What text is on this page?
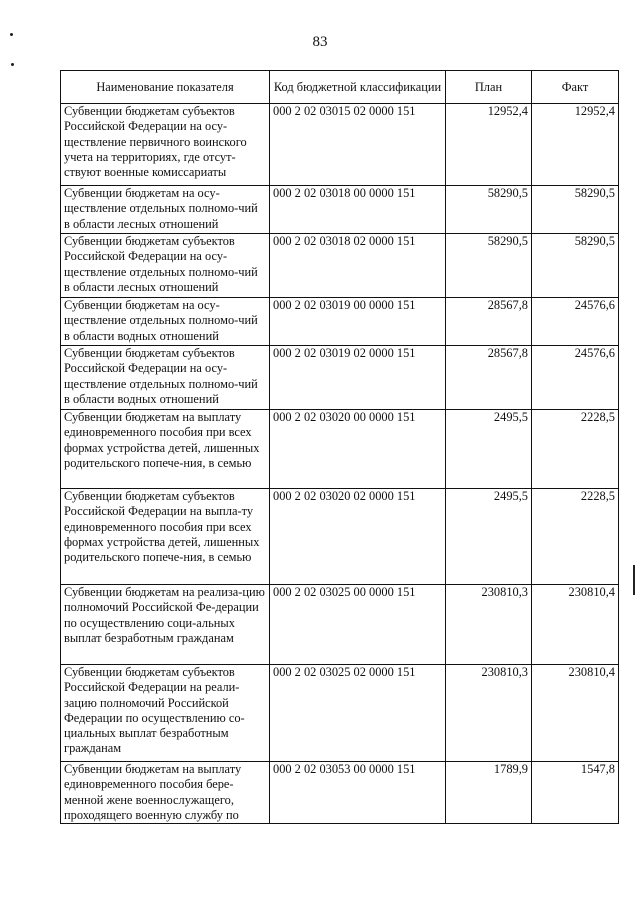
83
Наименование показателя	Код бюджетной классификации	План	Факт
Субвенции бюджетам субъектов Российской Федерации на осу-ществление первичного воинского учета на территориях, где отсут-ствуют военные комиссариаты	000 2 02 03015 02 0000 151	12952,4	12952,4
Субвенции бюджетам на осу-ществление отдельных полномо-чий в области лесных отношений	000 2 02 03018 00 0000 151	58290,5	58290,5
Субвенции бюджетам субъектов Российской Федерации на осу-ществление отдельных полномо-чий в области лесных отношений	000 2 02 03018 02 0000 151	58290,5	58290,5
Субвенции бюджетам на осу-ществление отдельных полномо-чий в области водных отношений	000 2 02 03019 00 0000 151	28567,8	24576,6
Субвенции бюджетам субъектов Российской Федерации на осу-ществление отдельных полномо-чий в области водных отношений	000 2 02 03019 02 0000 151	28567,8	24576,6
Субвенции бюджетам на выплату единовременного пособия при всех формах устройства детей, лишенных родительского попече-ния, в семью	000 2 02 03020 00 0000 151	2495,5	2228,5
Субвенции бюджетам субъектов Российской Федерации на выпла-ту единовременного пособия при всех формах устройства детей, лишенных родительского попече-ния, в семью	000 2 02 03020 02 0000 151	2495,5	2228,5
Субвенции бюджетам на реализа-цию полномочий Российской Фе-дерации по осуществлению соци-альных выплат безработным гражданам	000 2 02 03025 00 0000 151	230810,3	230810,4
Субвенции бюджетам субъектов Российской Федерации на реали-зацию полномочий Российской Федерации по осуществлению со-циальных выплат безработным гражданам	000 2 02 03025 02 0000 151	230810,3	230810,4
Субвенции бюджетам на выплату единовременного пособия бере-менной жене военнослужащего, проходящего военную службу по	000 2 02 03053 00 0000 151	1789,9	1547,8
